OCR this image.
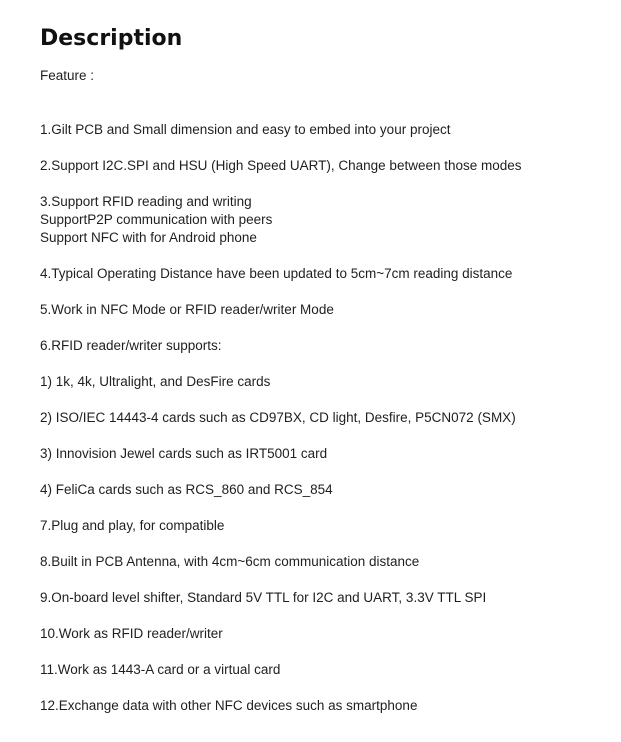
Description
Feature :
1.Gilt PCB and Small dimension and easy to embed into your project
2.Support I2C.SPI and HSU (High Speed UART), Change between those modes
3.Support RFID reading and writing
SupportP2P communication with peers
Support NFC with for Android phone
4.Typical Operating Distance have been updated to 5cm~7cm reading distance
5.Work in NFC Mode or RFID reader/writer Mode
6.RFID reader/writer supports:
1) 1k, 4k, Ultralight, and DesFire cards
2) ISO/IEC 14443-4 cards such as CD97BX, CD light, Desfire, P5CN072 (SMX)
3) Innovision Jewel cards such as IRT5001 card
4) FeliCa cards such as RCS_860 and RCS_854
7.Plug and play, for compatible
8.Built in PCB Antenna, with 4cm~6cm communication distance
9.On-board level shifter, Standard 5V TTL for I2C and UART, 3.3V TTL SPI
10.Work as RFID reader/writer
11.Work as 1443-A card or a virtual card
12.Exchange data with other NFC devices such as smartphone
